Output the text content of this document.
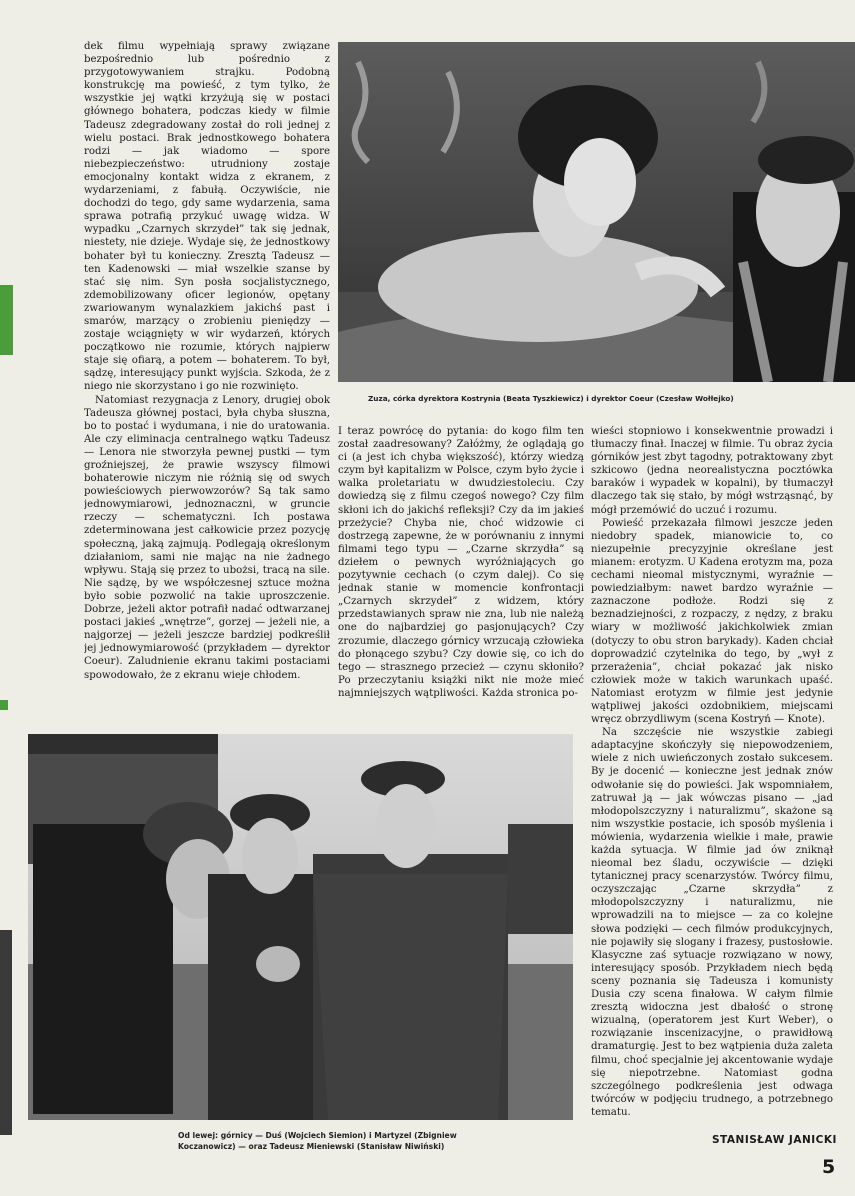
dek filmu wypełniają sprawy związane bezpośrednio lub pośrednio z przygotowywaniem strajku. Podobną konstrukcję ma powieść, z tym tylko, że wszystkie jej wątki krzyżują się w postaci głównego bohatera, podczas kiedy w filmie Tadeusz zdegradowany został do roli jednej z wielu postaci. Brak jednostkowego bohatera rodzi — jak wiadomo — spore niebezpieczeństwo: utrudniony zostaje emocjonalny kontakt widza z ekranem, z wydarzeniami, z fabułą. Oczywiście, nie dochodzi do tego, gdy same wydarzenia, sama sprawa potrafią przykuć uwagę widza. W wypadku „Czarnych skrzydeł” tak się jednak, niestety, nie dzieje. Wydaje się, że jednostkowy bohater był tu konieczny. Zresztą Tadeusz — ten Kadenowski — miał wszelkie szanse by stać się nim. Syn posła socjalistycznego, zdemobilizowany oficer legionów, opętany zwariowanym wynalazkiem jakichś past i smarów, marzący o zrobieniu pieniędzy — zostaje wciągnięty w wir wydarzeń, których początkowo nie rozumie, których najpierw staje się ofiarą, a potem — bohaterem. To był, sądzę, interesujący punkt wyjścia. Szkoda, że z niego nie skorzystano i go nie rozwinięto.

Natomiast rezygnacja z Lenory, drugiej obok Tadeusza głównej postaci, była chyba słuszna, bo to postać i wydumana, i nie do uratowania. Ale czy eliminacja centralnego wątku Tadeusz — Lenora nie stworzyła pewnej pustki — tym groźniejszej, że prawie wszyscy filmowi bohaterowie niczym nie różnią się od swych powieściowych pierwowzorów? Są tak samo jednowymiarowi, jednoznaczni, w gruncie rzeczy — schematyczni. Ich postawa zdeterminowana jest całkowicie przez pozycję społeczną, jaką zajmują. Podlegają określonym działaniom, sami nie mając na nie żadnego wpływu. Stają się przez to ubożsi, tracą na sile. Nie sądzę, by we współczesnej sztuce można było sobie pozwolić na takie uproszczenie. Dobrze, jeżeli aktor potrafił nadać odtwarzanej postaci jakieś „wnętrze”, gorzej — jeżeli nie, a najgorzej — jeżeli jeszcze bardziej podkreślił jej jednowymiarowość (przykładem — dyrektor Coeur). Zaludnienie ekranu takimi postaciami spowodowało, że z ekranu wieje chłodem.

Zuza, córka dyrektora Kostrynia (Beata Tyszkiewicz) i dyrektor Coeur (Czesław Wołłejko)

I teraz powrócę do pytania: do kogo film ten został zaadresowany? Załóżmy, że oglądają go ci (a jest ich chyba większość), którzy wiedzą czym był kapitalizm w Polsce, czym było życie i walka proletariatu w dwudziestoleciu. Czy dowiedzą się z filmu czegoś nowego? Czy film skłoni ich do jakichś refleksji? Czy da im jakieś przeżycie? Chyba nie, choć widzowie ci dostrzegą zapewne, że w porównaniu z innymi filmami tego typu — „Czarne skrzydła” są dziełem o pewnych wyróżniających go pozytywnie cechach (o czym dalej). Co się jednak stanie w momencie konfrontacji „Czarnych skrzydeł” z widzem, który przedstawianych spraw nie zna, lub nie należą one do najbardziej go pasjonujących? Czy zrozumie, dlaczego górnicy wrzucają człowieka do płonącego szybu? Czy dowie się, co ich do tego — strasznego przecież — czynu skłoniło? Po przeczytaniu książki nikt nie może mieć najmniejszych wątpliwości. Każda stronica po-

wieści stopniowo i konsekwentnie prowadzi i tłumaczy finał. Inaczej w filmie. Tu obraz życia górników jest zbyt tagodny, potraktowany zbyt szkicowo (jedna neorealistyczna pocztówka baraków i wypadek w kopalni), by tłumaczył dlaczego tak się stało, by mógł wstrząsnąć, by mógł przemówić do uczuć i rozumu.

Powieść przekazała filmowi jeszcze jeden niedobry spadek, mianowicie to, co niezupełnie precyzyjnie określane jest mianem: erotyzm. U Kadena erotyzm ma, poza cechami nieomal mistycznymi, wyraźnie — powiedziałbym: nawet bardzo wyraźnie — zaznaczone podłoże. Rodzi się z beznadziejności, z rozpaczy, z nędzy, z braku wiary w możliwość jakichkolwiek zmian (dotyczy to obu stron barykady). Kaden chciał doprowadzić czytelnika do tego, by „wył z przerażenia”, chciał pokazać jak nisko człowiek może w takich warunkach upaść. Natomiast erotyzm w filmie jest jedynie wątpliwej jakości ozdobnikiem, miejscami wręcz obrzydliwym (scena Kostryń — Knote).

Na szczęście nie wszystkie zabiegi adaptacyjne skończyły się niepowodzeniem, wiele z nich uwieńczonych zostało sukcesem. By je docenić — konieczne jest jednak znów odwołanie się do powieści. Jak wspomniałem, zatruwał ją — jak wówczas pisano — „jad młodopolszczyzny i naturalizmu”, skażone są nim wszystkie postacie, ich sposób myślenia i mówienia, wydarzenia wielkie i małe, prawie każda sytuacja. W filmie jad ów zniknął nieomal bez śladu, oczywiście — dzięki tytanicznej pracy scenarzystów. Twórcy filmu, oczyszczając „Czarne skrzydła” z młodopolszczyzny i naturalizmu, nie wprowadzili na to miejsce — za co kolejne słowa podzięki — cech filmów produkcyjnych, nie pojawiły się slogany i frazesy, pustosłowie. Klasyczne zaś sytuacje rozwiązano w nowy, interesujący sposób. Przykładem niech będą sceny poznania się Tadeusza i komunisty Dusia czy scena finałowa. W całym filmie zresztą widoczna jest dbałość o stronę wizualną, (operatorem jest Kurt Weber), o rozwiązanie inscenizacyjne, o prawidłową dramaturgię. Jest to bez wątpienia duża zaleta filmu, choć specjalnie jej akcentowanie wydaje się niepotrzebne. Natomiast godna szczególnego podkreślenia jest odwaga twórców w podjęciu trudnego, a potrzebnego tematu.

STANISŁAW JANICKI
Od lewej: górnicy — Duś (Wojciech Siemion) i Martyzel (Zbigniew
Koczanowicz) — oraz Tadeusz Mieniewski (Stanisław Niwiński)
5
